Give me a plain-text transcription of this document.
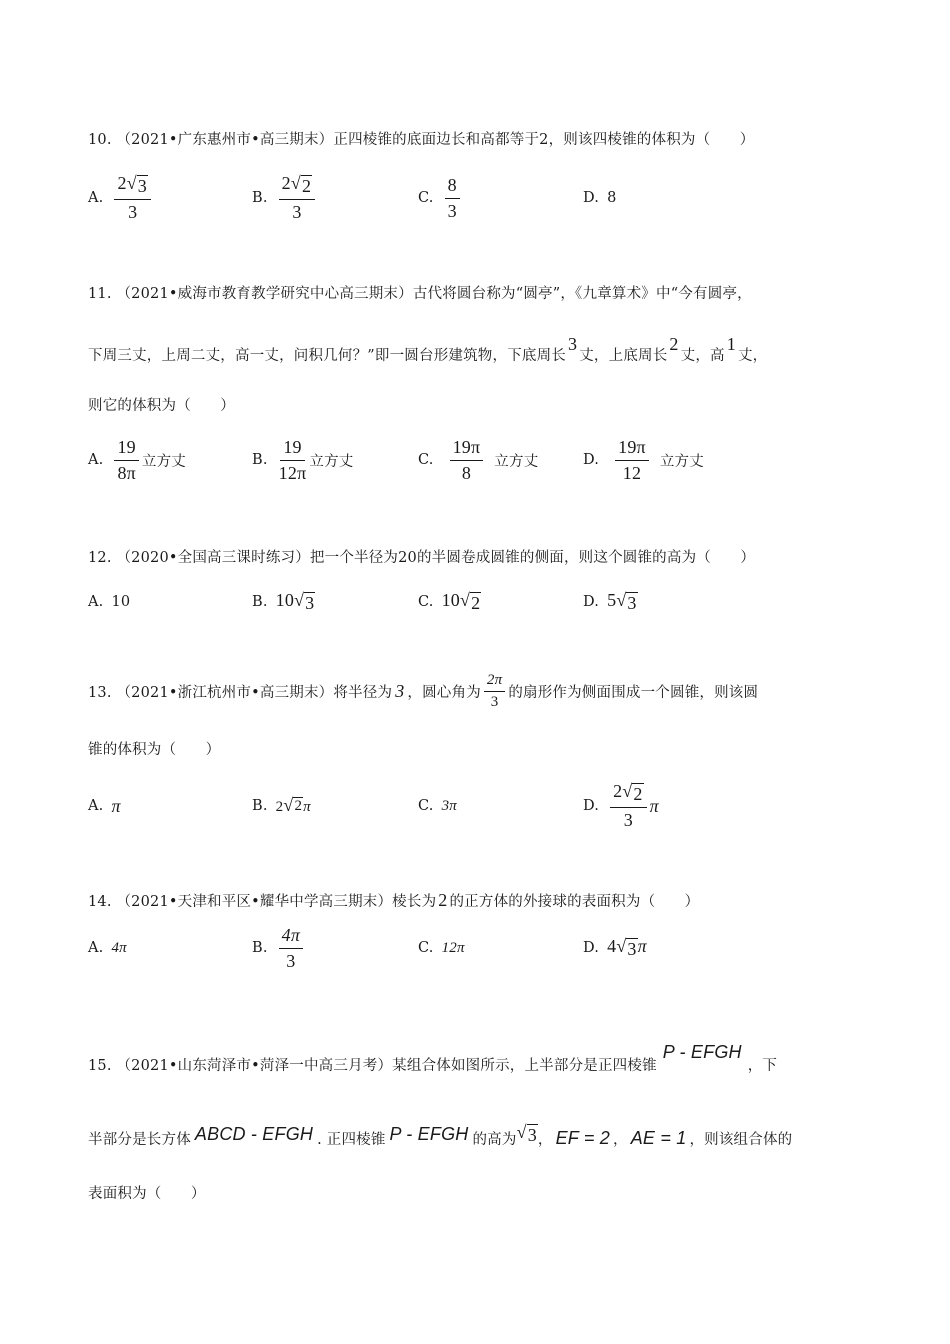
10. （2021•广东惠州市•高三期末）正四棱锥的底面边长和高都等于2，则该四棱锥的体积为（　　）
A. $\frac{2 √ 3}{3}$	B. $\frac{2 √ 2}{3}$	C. $\frac{8}{3}$	D. 8
11. （2021•威海市教育教学研究中心高三期末）古代将圆台称为“圆亭”，《九章算术》中“今有圆亭，
下周三丈，上周二丈，高一丈，问积几何？”即一圆台形建筑物，下底周长3丈，上底周长2丈，高1丈，
则它的体积为（　　）
A. $\frac{19}{8\pi}$ 立方丈	B. $\frac{19}{12\pi}$ 立方丈	C. $\frac{19\pi}{8}$ 立方丈	D. $\frac{19\pi}{12}$ 立方丈
12. （2020•全国高三课时练习）把一个半径为20的半圆卷成圆锥的侧面，则这个圆锥的高为（　　）
A. 10	B. 10 √ 3	C. 10 √ 2	D. 5 √ 3
13. （2021•浙江杭州市•高三期末）将半径为 3 ，圆心角为 $\frac{2\pi}{3}$ 的扇形作为侧面围成一个圆锥，则该圆
锥的体积为（　　）
A. π	B. 2 √ 2 π	C. 3π	D. $\frac{2 √ 2}{3}$ π
14. （2021•天津和平区•耀华中学高三期末）棱长为 2 的正方体的外接球的表面积为（　　）
A. 4π	B. $\frac{4\pi}{3}$	C. 12π	D. 4 √ 3 π
15. （2021•山东菏泽市•菏泽一中高三月考）某组合体如图所示，上半部分是正四棱锥P - EFGH，下
半部分是长方体 ABCD - EFGH . 正四棱锥 P - EFGH 的高为 √ 3 ， EF = 2 ， AE = 1 ，则该组合体的
表面积为（　　）
